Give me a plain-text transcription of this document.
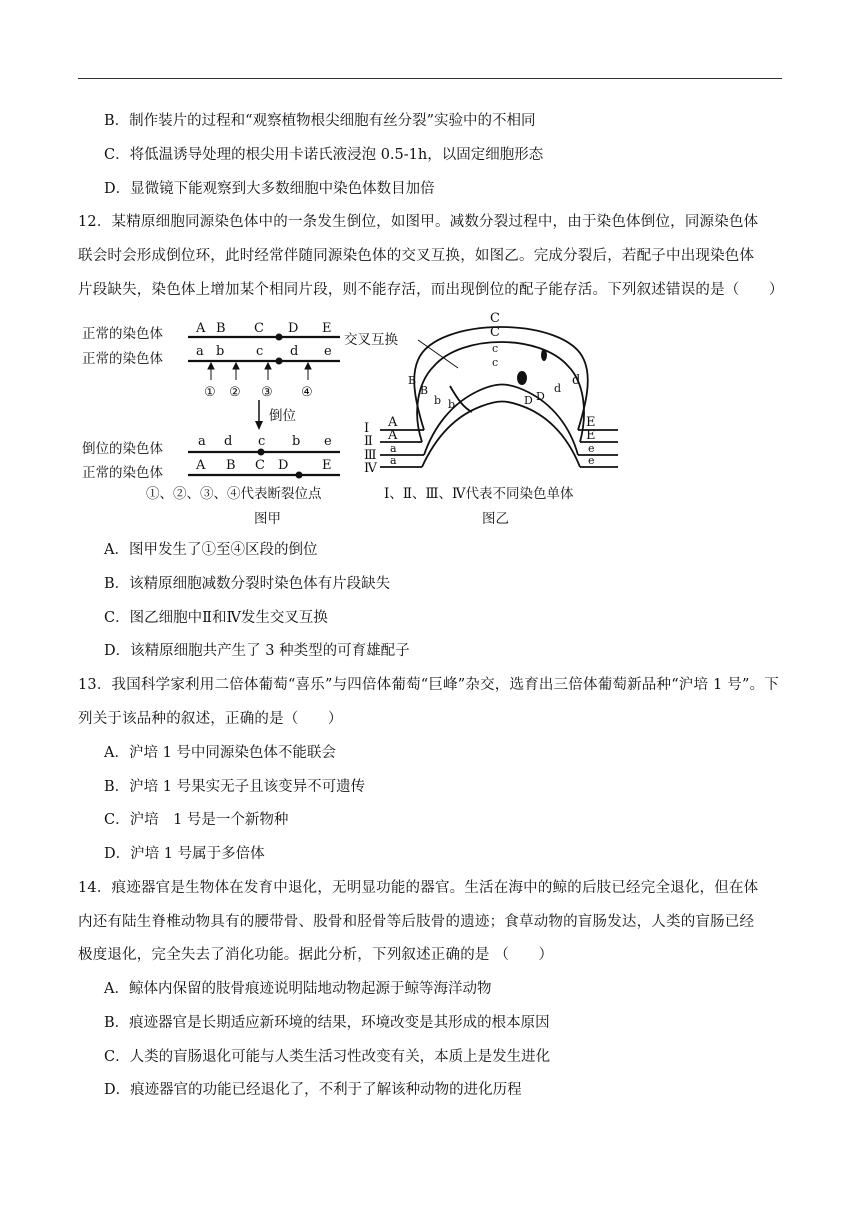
B．制作装片的过程和“观察植物根尖细胞有丝分裂”实验中的不相同
C．将低温诱导处理的根尖用卡诺氏液浸泡 0.5-1h，以固定细胞形态
D．显微镜下能观察到大多数细胞中染色体数目加倍
12．某精原细胞同源染色体中的一条发生倒位，如图甲。减数分裂过程中，由于染色体倒位，同源染色体
联会时会形成倒位环，此时经常伴随同源染色体的交叉互换，如图乙。完成分裂后，若配子中出现染色体
片段缺失，染色体上增加某个相同片段，则不能存活，而出现倒位的配子能存活。下列叙述错误的是（　　）
正常的染色体
正常的染色体
倒位的染色体
正常的染色体
A B C D E
a b c d e
① ② ③ ④
倒位
a d c b e
A B C D	E
①、②、③、④代表断裂位点
图甲
交叉互换
C
C
c
c
B
B
b b	D D
d
d
Ⅰ
Ⅱ
Ⅲ
Ⅳ
A
A
a
a
E
E
e
e
Ⅰ、Ⅱ、Ⅲ、Ⅳ代表不同染色单体
图乙
A．图甲发生了①至④区段的倒位
B．该精原细胞减数分裂时染色体有片段缺失
C．图乙细胞中Ⅱ和Ⅳ发生交叉互换
D．该精原细胞共产生了 3 种类型的可育雄配子
13．我国科学家利用二倍体葡萄“喜乐”与四倍体葡萄“巨峰”杂交，选育出三倍体葡萄新品种“沪培 1 号”。下
列关于该品种的叙述，正确的是（　　）
A．沪培 1 号中同源染色体不能联会
B．沪培 1 号果实无子且该变异不可遗传
C．沪培　1 号是一个新物种
D．沪培 1 号属于多倍体
14．痕迹器官是生物体在发育中退化，无明显功能的器官。生活在海中的鲸的后肢已经完全退化，但在体
内还有陆生脊椎动物具有的腰带骨、股骨和胫骨等后肢骨的遗迹；食草动物的盲肠发达，人类的盲肠已经
极度退化，完全失去了消化功能。据此分析，下列叙述正确的是 （　　）
A．鲸体内保留的肢骨痕迹说明陆地动物起源于鲸等海洋动物
B．痕迹器官是长期适应新环境的结果，环境改变是其形成的根本原因
C．人类的盲肠退化可能与人类生活习性改变有关，本质上是发生进化
D．痕迹器官的功能已经退化了，不利于了解该种动物的进化历程
